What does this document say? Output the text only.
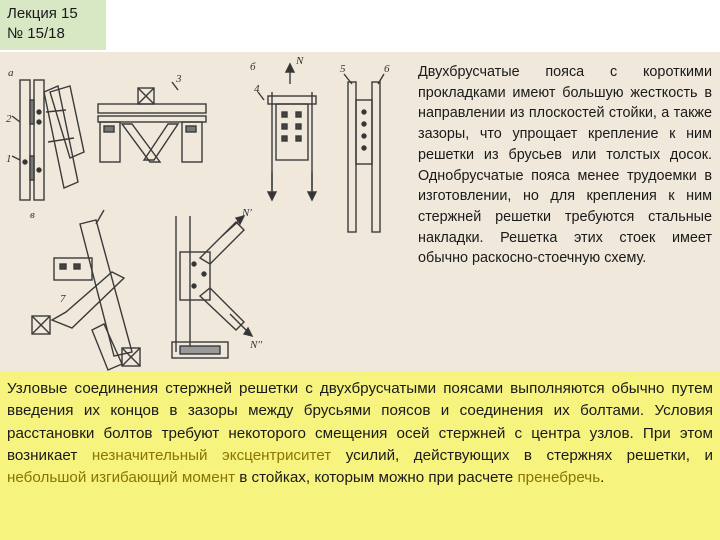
Лекция 15
№ 15/18
а	б
в
1
2
3
4
5	6
7
N
N'
N''

Двухбрусчатые пояса с короткими прокладками имеют большую жесткость в направлении из плоскостей стойки, а также зазоры, что упрощает крепление к ним решетки из брусьев или толстых досок. Однобрусчатые пояса менее трудоемки в изготовлении, но для крепления к ним стержней решетки требуются стальные накладки. Решетка этих стоек имеет обычно раскосно-стоечную схему.

Узловые соединения стержней решетки с двухбрусчатыми поясами выполняются обычно путем введения их концов в зазоры между брусьями поясов и соединения их болтами. Условия расстановки болтов требуют некоторого смещения осей стержней с центра узлов. При этом возникает незначительный эксцентриситет усилий, действующих в стержнях решетки, и небольшой изгибающий момент в стойках, которым можно при расчете пренебречь.
